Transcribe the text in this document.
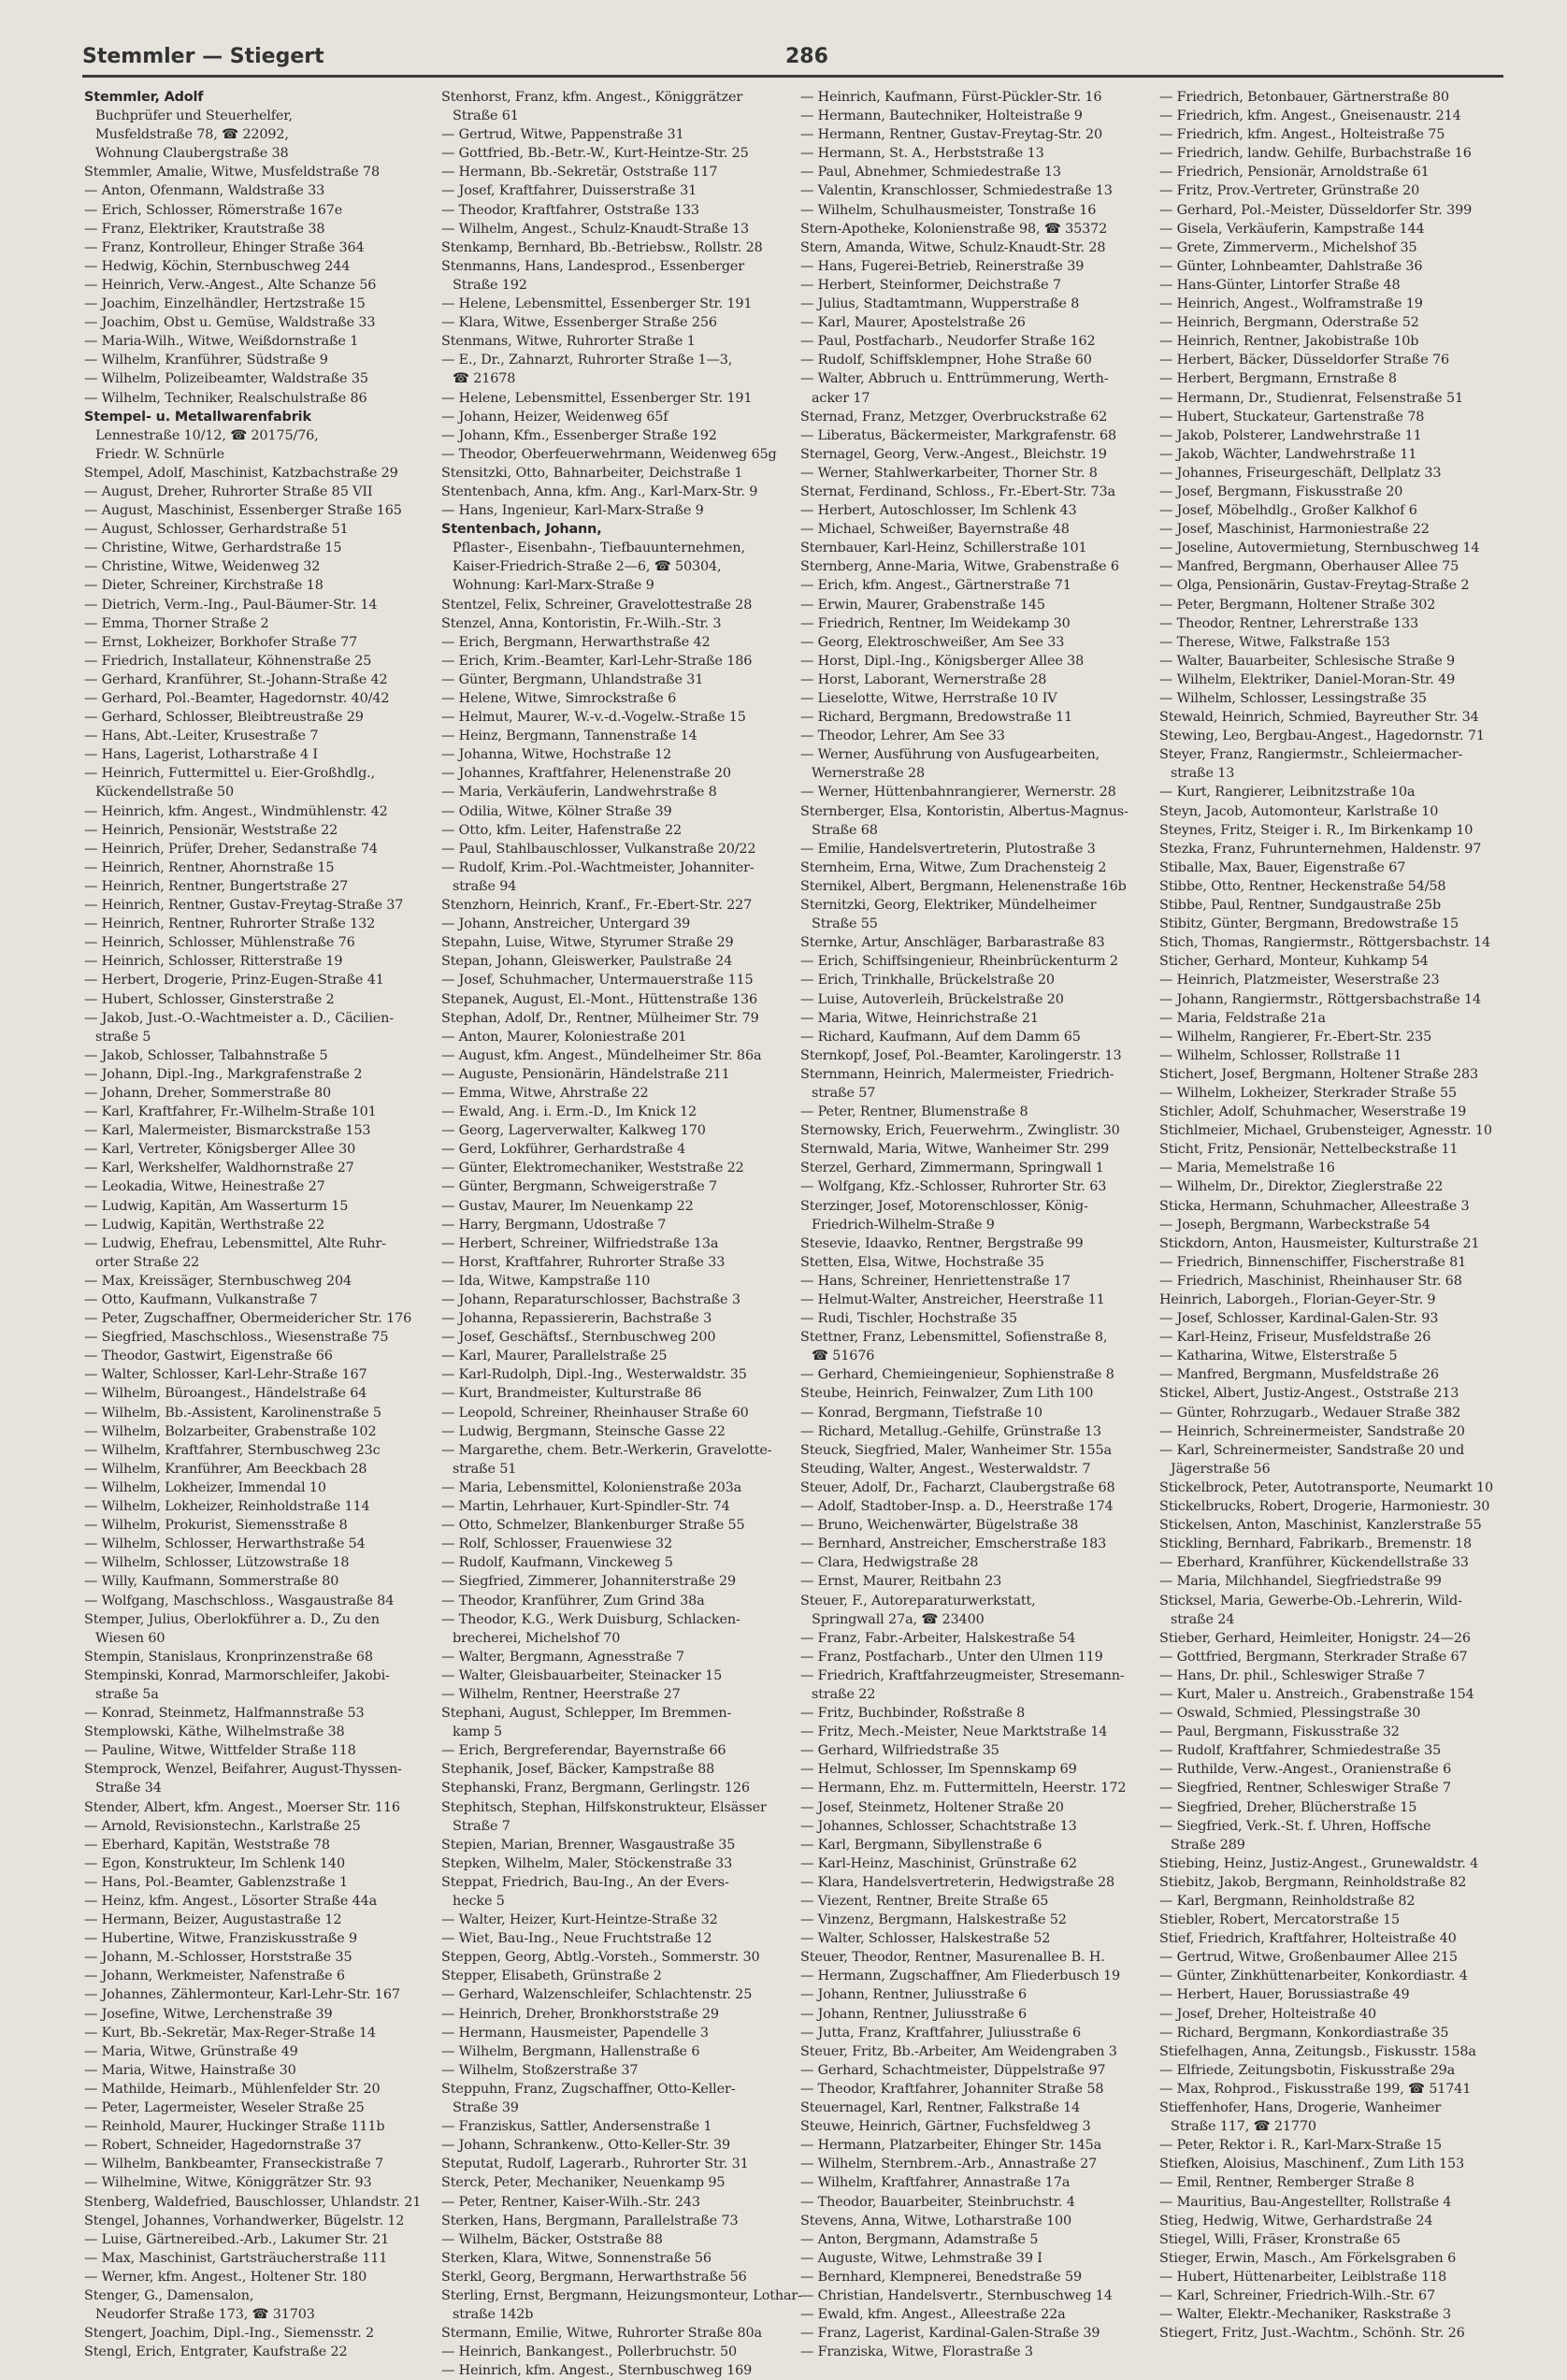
Stemmler — Stiegert	286
Stemmler, Adolf
Buchprüfer und Steuerhelfer,
Musfeldstraße 78, ☎ 22092,
Wohnung Claubergstraße 38
Stemmler, Amalie, Witwe, Musfeldstraße 78
— Anton, Ofenmann, Waldstraße 33
— Erich, Schlosser, Römerstraße 167e
— Franz, Elektriker, Krautstraße 38
— Franz, Kontrolleur, Ehinger Straße 364
— Hedwig, Köchin, Sternbuschweg 244
— Heinrich, Verw.-Angest., Alte Schanze 56
— Joachim, Einzelhändler, Hertzstraße 15
— Joachim, Obst u. Gemüse, Waldstraße 33
— Maria-Wilh., Witwe, Weißdornstraße 1
— Wilhelm, Kranführer, Südstraße 9
— Wilhelm, Polizeibeamter, Waldstraße 35
— Wilhelm, Techniker, Realschulstraße 86
Stempel- u. Metallwarenfabrik
Lennestraße 10/12, ☎ 20175/76,
Friedr. W. Schnürle
Stempel, Adolf, Maschinist, Katzbachstraße 29
— August, Dreher, Ruhrorter Straße 85 VII
— August, Maschinist, Essenberger Straße 165
— August, Schlosser, Gerhardstraße 51
— Christine, Witwe, Gerhardstraße 15
— Christine, Witwe, Weidenweg 32
— Dieter, Schreiner, Kirchstraße 18
— Dietrich, Verm.-Ing., Paul-Bäumer-Str. 14
— Emma, Thorner Straße 2
— Ernst, Lokheizer, Borkhofer Straße 77
— Friedrich, Installateur, Köhnenstraße 25
— Gerhard, Kranführer, St.-Johann-Straße 42
— Gerhard, Pol.-Beamter, Hagedornstr. 40/42
— Gerhard, Schlosser, Bleibtreustraße 29
— Hans, Abt.-Leiter, Krusestraße 7
— Hans, Lagerist, Lotharstraße 4 I
— Heinrich, Futtermittel u. Eier-Großhdlg.,
Kückendellstraße 50
— Heinrich, kfm. Angest., Windmühlenstr. 42
— Heinrich, Pensionär, Weststraße 22
— Heinrich, Prüfer, Dreher, Sedanstraße 74
— Heinrich, Rentner, Ahornstraße 15
— Heinrich, Rentner, Bungertstraße 27
— Heinrich, Rentner, Gustav-Freytag-Straße 37
— Heinrich, Rentner, Ruhrorter Straße 132
— Heinrich, Schlosser, Mühlenstraße 76
— Heinrich, Schlosser, Ritterstraße 19
— Herbert, Drogerie, Prinz-Eugen-Straße 41
— Hubert, Schlosser, Ginsterstraße 2
— Jakob, Just.-O.-Wachtmeister a. D., Cäcilien-
straße 5
— Jakob, Schlosser, Talbahnstraße 5
— Johann, Dipl.-Ing., Markgrafenstraße 2
— Johann, Dreher, Sommerstraße 80
— Karl, Kraftfahrer, Fr.-Wilhelm-Straße 101
— Karl, Malermeister, Bismarckstraße 153
— Karl, Vertreter, Königsberger Allee 30
— Karl, Werkshelfer, Waldhornstraße 27
— Leokadia, Witwe, Heinestraße 27
— Ludwig, Kapitän, Am Wasserturm 15
— Ludwig, Kapitän, Werthstraße 22
— Ludwig, Ehefrau, Lebensmittel, Alte Ruhr-
orter Straße 22
— Max, Kreissäger, Sternbuschweg 204
— Otto, Kaufmann, Vulkanstraße 7
— Peter, Zugschaffner, Obermeidericher Str. 176
— Siegfried, Maschschloss., Wiesenstraße 75
— Theodor, Gastwirt, Eigenstraße 66
— Walter, Schlosser, Karl-Lehr-Straße 167
— Wilhelm, Büroangest., Händelstraße 64
— Wilhelm, Bb.-Assistent, Karolinenstraße 5
— Wilhelm, Bolzarbeiter, Grabenstraße 102
— Wilhelm, Kraftfahrer, Sternbuschweg 23c
— Wilhelm, Kranführer, Am Beeckbach 28
— Wilhelm, Lokheizer, Immendal 10
— Wilhelm, Lokheizer, Reinholdstraße 114
— Wilhelm, Prokurist, Siemensstraße 8
— Wilhelm, Schlosser, Herwarthstraße 54
— Wilhelm, Schlosser, Lützowstraße 18
— Willy, Kaufmann, Sommerstraße 80
— Wolfgang, Maschschloss., Wasgaustraße 84
Stemper, Julius, Oberlokführer a. D., Zu den
Wiesen 60
Stempin, Stanislaus, Kronprinzenstraße 68
Stempinski, Konrad, Marmorschleifer, Jakobi-
straße 5a
— Konrad, Steinmetz, Halfmannstraße 53
Stemplowski, Käthe, Wilhelmstraße 38
— Pauline, Witwe, Wittfelder Straße 118
Stemprock, Wenzel, Beifahrer, August-Thyssen-
Straße 34
Stender, Albert, kfm. Angest., Moerser Str. 116
— Arnold, Revisionstechn., Karlstraße 25
— Eberhard, Kapitän, Weststraße 78
— Egon, Konstrukteur, Im Schlenk 140
— Hans, Pol.-Beamter, Gablenzstraße 1
— Heinz, kfm. Angest., Lösorter Straße 44a
— Hermann, Beizer, Augustastraße 12
— Hubertine, Witwe, Franziskusstraße 9
— Johann, M.-Schlosser, Horststraße 35
— Johann, Werkmeister, Nafenstraße 6
— Johannes, Zählermonteur, Karl-Lehr-Str. 167
— Josefine, Witwe, Lerchenstraße 39
— Kurt, Bb.-Sekretär, Max-Reger-Straße 14
— Maria, Witwe, Grünstraße 49
— Maria, Witwe, Hainstraße 30
— Mathilde, Heimarb., Mühlenfelder Str. 20
— Peter, Lagermeister, Weseler Straße 25
— Reinhold, Maurer, Huckinger Straße 111b
— Robert, Schneider, Hagedornstraße 37
— Wilhelm, Bankbeamter, Franseckistraße 7
— Wilhelmine, Witwe, Königgrätzer Str. 93
Stenberg, Waldefried, Bauschlosser, Uhlandstr. 21
Stengel, Johannes, Vorhandwerker, Bügelstr. 12
— Luise, Gärtnereibed.-Arb., Lakumer Str. 21
— Max, Maschinist, Gartsträucherstraße 111
— Werner, kfm. Angest., Holtener Str. 180
Stenger, G., Damensalon,
Neudorfer Straße 173, ☎ 31703
Stengert, Joachim, Dipl.-Ing., Siemensstr. 2
Stengl, Erich, Entgrater, Kaufstraße 22
Stenhorst, Franz, kfm. Angest., Königgrätzer
Straße 61
— Gertrud, Witwe, Pappenstraße 31
— Gottfried, Bb.-Betr.-W., Kurt-Heintze-Str. 25
— Hermann, Bb.-Sekretär, Oststraße 117
— Josef, Kraftfahrer, Duisserstraße 31
— Theodor, Kraftfahrer, Oststraße 133
— Wilhelm, Angest., Schulz-Knaudt-Straße 13
Stenkamp, Bernhard, Bb.-Betriebsw., Rollstr. 28
Stenmanns, Hans, Landesprod., Essenberger
Straße 192
— Helene, Lebensmittel, Essenberger Str. 191
— Klara, Witwe, Essenberger Straße 256
Stenmans, Witwe, Ruhrorter Straße 1
— E., Dr., Zahnarzt, Ruhrorter Straße 1—3,
☎ 21678
— Helene, Lebensmittel, Essenberger Str. 191
— Johann, Heizer, Weidenweg 65f
— Johann, Kfm., Essenberger Straße 192
— Theodor, Oberfeuerwehrmann, Weidenweg 65g
Stensitzki, Otto, Bahnarbeiter, Deichstraße 1
Stentenbach, Anna, kfm. Ang., Karl-Marx-Str. 9
— Hans, Ingenieur, Karl-Marx-Straße 9
Stentenbach, Johann,
Pflaster-, Eisenbahn-, Tiefbauunternehmen,
Kaiser-Friedrich-Straße 2—6, ☎ 50304,
Wohnung: Karl-Marx-Straße 9
Stentzel, Felix, Schreiner, Gravelottestraße 28
Stenzel, Anna, Kontoristin, Fr.-Wilh.-Str. 3
— Erich, Bergmann, Herwarthstraße 42
— Erich, Krim.-Beamter, Karl-Lehr-Straße 186
— Günter, Bergmann, Uhlandstraße 31
— Helene, Witwe, Simrockstraße 6
— Helmut, Maurer, W.-v.-d.-Vogelw.-Straße 15
— Heinz, Bergmann, Tannenstraße 14
— Johanna, Witwe, Hochstraße 12
— Johannes, Kraftfahrer, Helenenstraße 20
— Maria, Verkäuferin, Landwehrstraße 8
— Odilia, Witwe, Kölner Straße 39
— Otto, kfm. Leiter, Hafenstraße 22
— Paul, Stahlbauschlosser, Vulkanstraße 20/22
— Rudolf, Krim.-Pol.-Wachtmeister, Johanniter-
straße 94
Stenzhorn, Heinrich, Kranf., Fr.-Ebert-Str. 227
— Johann, Anstreicher, Untergard 39
Stepahn, Luise, Witwe, Styrumer Straße 29
Stepan, Johann, Gleiswerker, Paulstraße 24
— Josef, Schuhmacher, Untermauerstraße 115
Stepanek, August, El.-Mont., Hüttenstraße 136
Stephan, Adolf, Dr., Rentner, Mülheimer Str. 79
— Anton, Maurer, Koloniestraße 201
— August, kfm. Angest., Mündelheimer Str. 86a
— Auguste, Pensionärin, Händelstraße 211
— Emma, Witwe, Ahrstraße 22
— Ewald, Ang. i. Erm.-D., Im Knick 12
— Georg, Lagerverwalter, Kalkweg 170
— Gerd, Lokführer, Gerhardstraße 4
— Günter, Elektromechaniker, Weststraße 22
— Günter, Bergmann, Schweigerstraße 7
— Gustav, Maurer, Im Neuenkamp 22
— Harry, Bergmann, Udostraße 7
— Herbert, Schreiner, Wilfriedstraße 13a
— Horst, Kraftfahrer, Ruhrorter Straße 33
— Ida, Witwe, Kampstraße 110
— Johann, Reparaturschlosser, Bachstraße 3
— Johanna, Repassiererin, Bachstraße 3
— Josef, Geschäftsf., Sternbuschweg 200
— Karl, Maurer, Parallelstraße 25
— Karl-Rudolph, Dipl.-Ing., Westerwaldstr. 35
— Kurt, Brandmeister, Kulturstraße 86
— Leopold, Schreiner, Rheinhauser Straße 60
— Ludwig, Bergmann, Steinsche Gasse 22
— Margarethe, chem. Betr.-Werkerin, Gravelotte-
straße 51
— Maria, Lebensmittel, Kolonienstraße 203a
— Martin, Lehrhauer, Kurt-Spindler-Str. 74
— Otto, Schmelzer, Blankenburger Straße 55
— Rolf, Schlosser, Frauenwiese 32
— Rudolf, Kaufmann, Vinckeweg 5
— Siegfried, Zimmerer, Johanniterstraße 29
— Theodor, Kranführer, Zum Grind 38a
— Theodor, K.G., Werk Duisburg, Schlacken-
brecherei, Michelshof 70
— Walter, Bergmann, Agnesstraße 7
— Walter, Gleisbauarbeiter, Steinacker 15
— Wilhelm, Rentner, Heerstraße 27
Stephani, August, Schlepper, Im Bremmen-
kamp 5
— Erich, Bergreferendar, Bayernstraße 66
Stephanik, Josef, Bäcker, Kampstraße 88
Stephanski, Franz, Bergmann, Gerlingstr. 126
Stephitsch, Stephan, Hilfskonstrukteur, Elsässer
Straße 7
Stepien, Marian, Brenner, Wasgaustraße 35
Stepken, Wilhelm, Maler, Stöckenstraße 33
Steppat, Friedrich, Bau-Ing., An der Evers-
hecke 5
— Walter, Heizer, Kurt-Heintze-Straße 32
— Wiet, Bau-Ing., Neue Fruchtstraße 12
Steppen, Georg, Abtlg.-Vorsteh., Sommerstr. 30
Stepper, Elisabeth, Grünstraße 2
— Gerhard, Walzenschleifer, Schlachtenstr. 25
— Heinrich, Dreher, Bronkhorststraße 29
— Hermann, Hausmeister, Papendelle 3
— Wilhelm, Bergmann, Hallenstraße 6
— Wilhelm, Stoßzerstraße 37
Steppuhn, Franz, Zugschaffner, Otto-Keller-
Straße 39
— Franziskus, Sattler, Andersenstraße 1
— Johann, Schrankenw., Otto-Keller-Str. 39
Steputat, Rudolf, Lagerarb., Ruhrorter Str. 31
Sterck, Peter, Mechaniker, Neuenkamp 95
— Peter, Rentner, Kaiser-Wilh.-Str. 243
Sterken, Hans, Bergmann, Parallelstraße 73
— Wilhelm, Bäcker, Oststraße 88
Sterken, Klara, Witwe, Sonnenstraße 56
Sterkl, Georg, Bergmann, Herwarthstraße 56
Sterling, Ernst, Bergmann, Heizungsmonteur, Lothar-
straße 142b
Stermann, Emilie, Witwe, Ruhrorter Straße 80a
— Heinrich, Bankangest., Pollerbruchstr. 50
— Heinrich, kfm. Angest., Sternbuschweg 169
— Heinrich, Kaufmann, Fürst-Pückler-Str. 16
— Hermann, Bautechniker, Holteistraße 9
— Hermann, Rentner, Gustav-Freytag-Str. 20
— Hermann, St. A., Herbststraße 13
— Paul, Abnehmer, Schmiedestraße 13
— Valentin, Kranschlosser, Schmiedestraße 13
— Wilhelm, Schulhausmeister, Tonstraße 16
Stern-Apotheke, Kolonienstraße 98, ☎ 35372
Stern, Amanda, Witwe, Schulz-Knaudt-Str. 28
— Hans, Fugerei-Betrieb, Reinerstraße 39
— Herbert, Steinformer, Deichstraße 7
— Julius, Stadtamtmann, Wupperstraße 8
— Karl, Maurer, Apostelstraße 26
— Paul, Postfacharb., Neudorfer Straße 162
— Rudolf, Schiffsklempner, Hohe Straße 60
— Walter, Abbruch u. Enttrümmerung, Werth-
acker 17
Sternad, Franz, Metzger, Overbruckstraße 62
— Liberatus, Bäckermeister, Markgrafenstr. 68
Sternagel, Georg, Verw.-Angest., Bleichstr. 19
— Werner, Stahlwerkarbeiter, Thorner Str. 8
Sternat, Ferdinand, Schloss., Fr.-Ebert-Str. 73a
— Herbert, Autoschlosser, Im Schlenk 43
— Michael, Schweißer, Bayernstraße 48
Sternbauer, Karl-Heinz, Schillerstraße 101
Sternberg, Anne-Maria, Witwe, Grabenstraße 6
— Erich, kfm. Angest., Gärtnerstraße 71
— Erwin, Maurer, Grabenstraße 145
— Friedrich, Rentner, Im Weidekamp 30
— Georg, Elektroschweißer, Am See 33
— Horst, Dipl.-Ing., Königsberger Allee 38
— Horst, Laborant, Wernerstraße 28
— Lieselotte, Witwe, Herrstraße 10 IV
— Richard, Bergmann, Bredowstraße 11
— Theodor, Lehrer, Am See 33
— Werner, Ausführung von Ausfugearbeiten,
Wernerstraße 28
— Werner, Hüttenbahnrangierer, Wernerstr. 28
Sternberger, Elsa, Kontoristin, Albertus-Magnus-
Straße 68
— Emilie, Handelsvertreterin, Plutostraße 3
Sternheim, Erna, Witwe, Zum Drachensteig 2
Sternikel, Albert, Bergmann, Helenenstraße 16b
Sternitzki, Georg, Elektriker, Mündelheimer
Straße 55
Sternke, Artur, Anschläger, Barbarastraße 83
— Erich, Schiffsingenieur, Rheinbrückenturm 2
— Erich, Trinkhalle, Brückelstraße 20
— Luise, Autoverleih, Brückelstraße 20
— Maria, Witwe, Heinrichstraße 21
— Richard, Kaufmann, Auf dem Damm 65
Sternkopf, Josef, Pol.-Beamter, Karolingerstr. 13
Sternmann, Heinrich, Malermeister, Friedrich-
straße 57
— Peter, Rentner, Blumenstraße 8
Sternowsky, Erich, Feuerwehrm., Zwinglistr. 30
Sternwald, Maria, Witwe, Wanheimer Str. 299
Sterzel, Gerhard, Zimmermann, Springwall 1
— Wolfgang, Kfz.-Schlosser, Ruhrorter Str. 63
Sterzinger, Josef, Motorenschlosser, König-
Friedrich-Wilhelm-Straße 9
Stesevie, Idaavko, Rentner, Bergstraße 99
Stetten, Elsa, Witwe, Hochstraße 35
— Hans, Schreiner, Henriettenstraße 17
— Helmut-Walter, Anstreicher, Heerstraße 11
— Rudi, Tischler, Hochstraße 35
Stettner, Franz, Lebensmittel, Sofienstraße 8,
☎ 51676
— Gerhard, Chemieingenieur, Sophienstraße 8
Steube, Heinrich, Feinwalzer, Zum Lith 100
— Konrad, Bergmann, Tiefstraße 10
— Richard, Metallug.-Gehilfe, Grünstraße 13
Steuck, Siegfried, Maler, Wanheimer Str. 155a
Steuding, Walter, Angest., Westerwaldstr. 7
Steuer, Adolf, Dr., Facharzt, Claubergstraße 68
— Adolf, Stadtober-Insp. a. D., Heerstraße 174
— Bruno, Weichenwärter, Bügelstraße 38
— Bernhard, Anstreicher, Emscherstraße 183
— Clara, Hedwigstraße 28
— Ernst, Maurer, Reitbahn 23
Steuer, F., Autoreparaturwerkstatt,
Springwall 27a, ☎ 23400
— Franz, Fabr.-Arbeiter, Halskestraße 54
— Franz, Postfacharb., Unter den Ulmen 119
— Friedrich, Kraftfahrzeugmeister, Stresemann-
straße 22
— Fritz, Buchbinder, Roßstraße 8
— Fritz, Mech.-Meister, Neue Marktstraße 14
— Gerhard, Wilfriedstraße 35
— Helmut, Schlosser, Im Spennskamp 69
— Hermann, Ehz. m. Futtermitteln, Heerstr. 172
— Josef, Steinmetz, Holtener Straße 20
— Johannes, Schlosser, Schachtstraße 13
— Karl, Bergmann, Sibyllenstraße 6
— Karl-Heinz, Maschinist, Grünstraße 62
— Klara, Handelsvertreterin, Hedwigstraße 28
— Viezent, Rentner, Breite Straße 65
— Vinzenz, Bergmann, Halskestraße 52
— Walter, Schlosser, Halskestraße 52
Steuer, Theodor, Rentner, Masurenallee B. H.
— Hermann, Zugschaffner, Am Fliederbusch 19
— Johann, Rentner, Juliusstraße 6
— Johann, Rentner, Juliusstraße 6
— Jutta, Franz, Kraftfahrer, Juliusstraße 6
Steuer, Fritz, Bb.-Arbeiter, Am Weidengraben 3
— Gerhard, Schachtmeister, Düppelstraße 97
— Theodor, Kraftfahrer, Johanniter Straße 58
Steuernagel, Karl, Rentner, Falkstraße 14
Steuwe, Heinrich, Gärtner, Fuchsfeldweg 3
— Hermann, Platzarbeiter, Ehinger Str. 145a
— Wilhelm, Sternbrem.-Arb., Annastraße 27
— Wilhelm, Kraftfahrer, Annastraße 17a
— Theodor, Bauarbeiter, Steinbruchstr. 4
Stevens, Anna, Witwe, Lotharstraße 100
— Anton, Bergmann, Adamstraße 5
— Auguste, Witwe, Lehmstraße 39 I
— Bernhard, Klempnerei, Benedstraße 59
— Christian, Handelsvertr., Sternbuschweg 14
— Ewald, kfm. Angest., Alleestraße 22a
— Franz, Lagerist, Kardinal-Galen-Straße 39
— Franziska, Witwe, Florastraße 3
— Friedrich, Betonbauer, Gärtnerstraße 80
— Friedrich, kfm. Angest., Gneisenaustr. 214
— Friedrich, kfm. Angest., Holteistraße 75
— Friedrich, landw. Gehilfe, Burbachstraße 16
— Friedrich, Pensionär, Arnoldstraße 61
— Fritz, Prov.-Vertreter, Grünstraße 20
— Gerhard, Pol.-Meister, Düsseldorfer Str. 399
— Gisela, Verkäuferin, Kampstraße 144
— Grete, Zimmerverm., Michelshof 35
— Günter, Lohnbeamter, Dahlstraße 36
— Hans-Günter, Lintorfer Straße 48
— Heinrich, Angest., Wolframstraße 19
— Heinrich, Bergmann, Oderstraße 52
— Heinrich, Rentner, Jakobistraße 10b
— Herbert, Bäcker, Düsseldorfer Straße 76
— Herbert, Bergmann, Ernstraße 8
— Hermann, Dr., Studienrat, Felsenstraße 51
— Hubert, Stuckateur, Gartenstraße 78
— Jakob, Polsterer, Landwehrstraße 11
— Jakob, Wächter, Landwehrstraße 11
— Johannes, Friseurgeschäft, Dellplatz 33
— Josef, Bergmann, Fiskusstraße 20
— Josef, Möbelhdlg., Großer Kalkhof 6
— Josef, Maschinist, Harmoniestraße 22
— Joseline, Autovermietung, Sternbuschweg 14
— Manfred, Bergmann, Oberhauser Allee 75
— Olga, Pensionärin, Gustav-Freytag-Straße 2
— Peter, Bergmann, Holtener Straße 302
— Theodor, Rentner, Lehrerstraße 133
— Therese, Witwe, Falkstraße 153
— Walter, Bauarbeiter, Schlesische Straße 9
— Wilhelm, Elektriker, Daniel-Moran-Str. 49
— Wilhelm, Schlosser, Lessingstraße 35
Stewald, Heinrich, Schmied, Bayreuther Str. 34
Stewing, Leo, Bergbau-Angest., Hagedornstr. 71
Steyer, Franz, Rangiermstr., Schleiermacher-
straße 13
— Kurt, Rangierer, Leibnitzstraße 10a
Steyn, Jacob, Automonteur, Karlstraße 10
Steynes, Fritz, Steiger i. R., Im Birkenkamp 10
Stezka, Franz, Fuhrunternehmen, Haldenstr. 97
Stiballe, Max, Bauer, Eigenstraße 67
Stibbe, Otto, Rentner, Heckenstraße 54/58
Stibbe, Paul, Rentner, Sundgaustraße 25b
Stibitz, Günter, Bergmann, Bredowstraße 15
Stich, Thomas, Rangiermstr., Röttgersbachstr. 14
Sticher, Gerhard, Monteur, Kuhkamp 54
— Heinrich, Platzmeister, Weserstraße 23
— Johann, Rangiermstr., Röttgersbachstraße 14
— Maria, Feldstraße 21a
— Wilhelm, Rangierer, Fr.-Ebert-Str. 235
— Wilhelm, Schlosser, Rollstraße 11
Stichert, Josef, Bergmann, Holtener Straße 283
— Wilhelm, Lokheizer, Sterkrader Straße 55
Stichler, Adolf, Schuhmacher, Weserstraße 19
Stichlmeier, Michael, Grubensteiger, Agnesstr. 10
Sticht, Fritz, Pensionär, Nettelbeckstraße 11
— Maria, Memelstraße 16
— Wilhelm, Dr., Direktor, Zieglerstraße 22
Sticka, Hermann, Schuhmacher, Alleestraße 3
— Joseph, Bergmann, Warbeckstraße 54
Stickdorn, Anton, Hausmeister, Kulturstraße 21
— Friedrich, Binnenschiffer, Fischerstraße 81
— Friedrich, Maschinist, Rheinhauser Str. 68
Heinrich, Laborgeh., Florian-Geyer-Str. 9
— Josef, Schlosser, Kardinal-Galen-Str. 93
— Karl-Heinz, Friseur, Musfeldstraße 26
— Katharina, Witwe, Elsterstraße 5
— Manfred, Bergmann, Musfeldstraße 26
Stickel, Albert, Justiz-Angest., Oststraße 213
— Günter, Rohrzugarb., Wedauer Straße 382
— Heinrich, Schreinermeister, Sandstraße 20
— Karl, Schreinermeister, Sandstraße 20 und
Jägerstraße 56
Stickelbrock, Peter, Autotransporte, Neumarkt 10
Stickelbrucks, Robert, Drogerie, Harmoniestr. 30
Stickelsen, Anton, Maschinist, Kanzlerstraße 55
Stickling, Bernhard, Fabrikarb., Bremenstr. 18
— Eberhard, Kranführer, Kückendellstraße 33
— Maria, Milchhandel, Siegfriedstraße 99
Sticksel, Maria, Gewerbe-Ob.-Lehrerin, Wild-
straße 24
Stieber, Gerhard, Heimleiter, Honigstr. 24—26
— Gottfried, Bergmann, Sterkrader Straße 67
— Hans, Dr. phil., Schleswiger Straße 7
— Kurt, Maler u. Anstreich., Grabenstraße 154
— Oswald, Schmied, Plessingstraße 30
— Paul, Bergmann, Fiskusstraße 32
— Rudolf, Kraftfahrer, Schmiedestraße 35
— Ruthilde, Verw.-Angest., Oranienstraße 6
— Siegfried, Rentner, Schleswiger Straße 7
— Siegfried, Dreher, Blücherstraße 15
— Siegfried, Verk.-St. f. Uhren, Hoffsche
Straße 289
Stiebing, Heinz, Justiz-Angest., Grunewaldstr. 4
Stiebitz, Jakob, Bergmann, Reinholdstraße 82
— Karl, Bergmann, Reinholdstraße 82
Stiebler, Robert, Mercatorstraße 15
Stief, Friedrich, Kraftfahrer, Holteistraße 40
— Gertrud, Witwe, Großenbaumer Allee 215
— Günter, Zinkhüttenarbeiter, Konkordiastr. 4
— Herbert, Hauer, Borussiastraße 49
— Josef, Dreher, Holteistraße 40
— Richard, Bergmann, Konkordiastraße 35
Stiefelhagen, Anna, Zeitungsb., Fiskusstr. 158a
— Elfriede, Zeitungsbotin, Fiskusstraße 29a
— Max, Rohprod., Fiskusstraße 199, ☎ 51741
Stieffenhofer, Hans, Drogerie, Wanheimer
Straße 117, ☎ 21770
— Peter, Rektor i. R., Karl-Marx-Straße 15
Stiefken, Aloisius, Maschinenf., Zum Lith 153
— Emil, Rentner, Remberger Straße 8
— Mauritius, Bau-Angestellter, Rollstraße 4
Stieg, Hedwig, Witwe, Gerhardstraße 24
Stiegel, Willi, Fräser, Kronstraße 65
Stieger, Erwin, Masch., Am Förkelsgraben 6
— Hubert, Hüttenarbeiter, Leiblstraße 118
— Karl, Schreiner, Friedrich-Wilh.-Str. 67
— Walter, Elektr.-Mechaniker, Raskstraße 3
Stiegert, Fritz, Just.-Wachtm., Schönh. Str. 26
